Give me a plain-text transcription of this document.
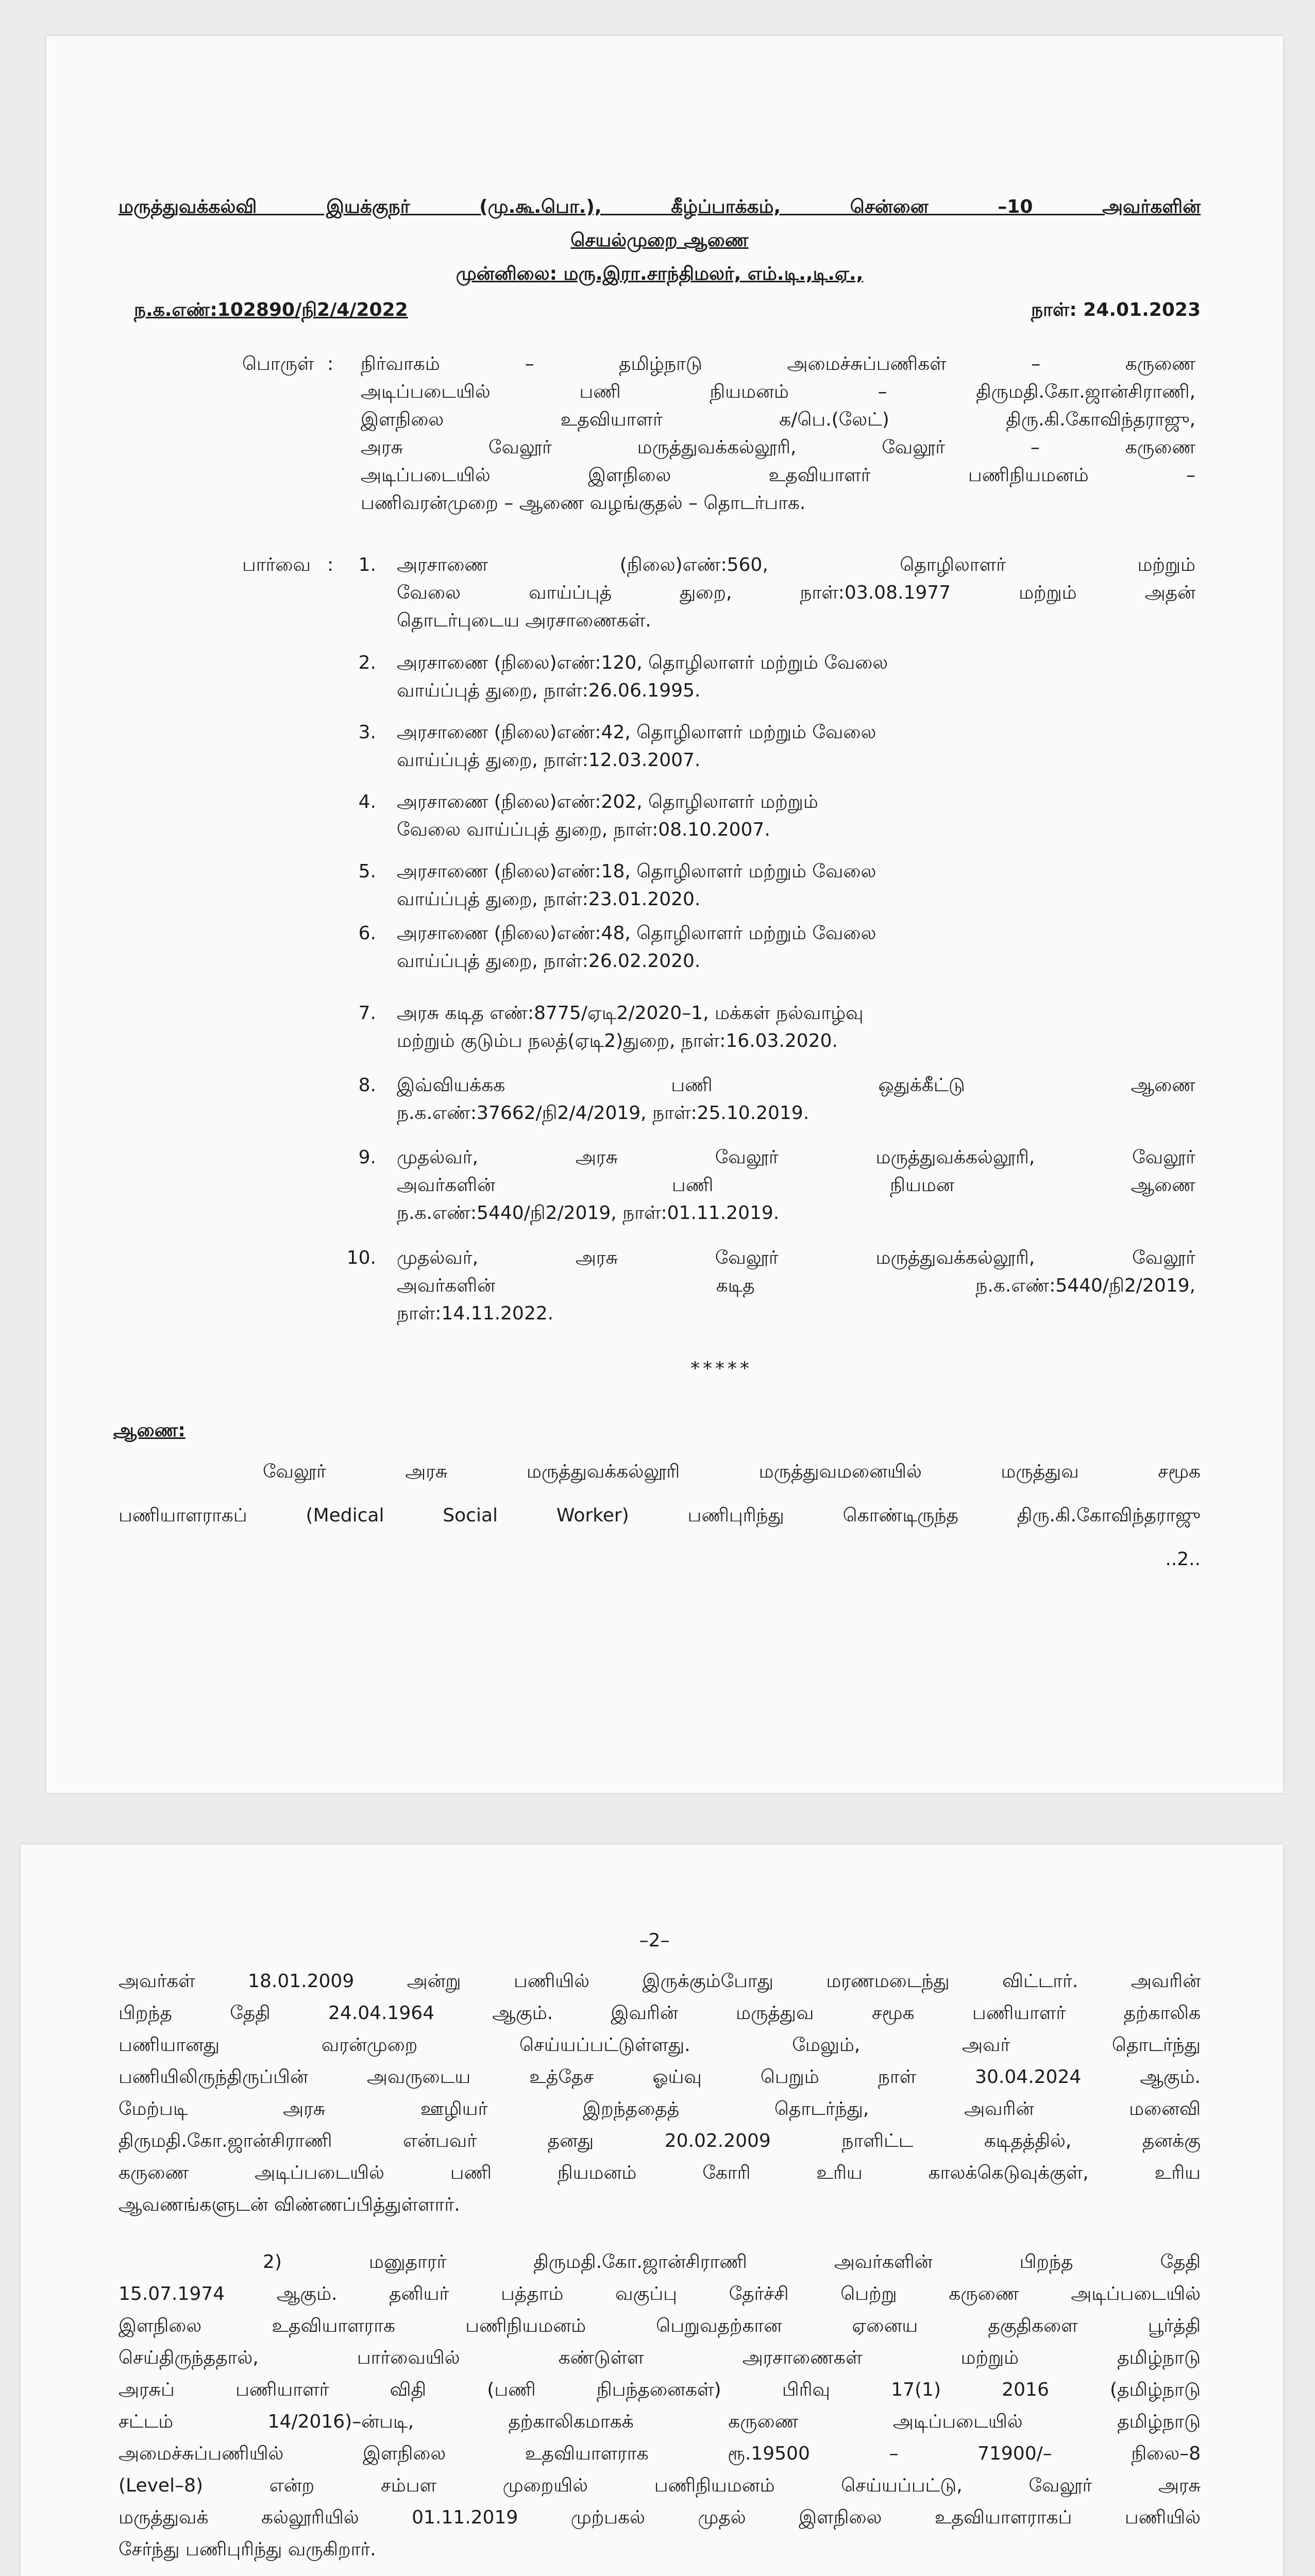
மருத்துவக்கல்வி இயக்குநர் (மு.கூ.பொ.), கீழ்ப்பாக்கம், சென்னை –10 அவர்களின்
செயல்முறை ஆணை
முன்னிலை: மரு.இரா.சாந்திமலர், எம்.டி.,டி.ஏ.,
ந.க.எண்:102890/நி2/4/2022	நாள்: 24.01.2023
பொருள் :	நிர்வாகம் – தமிழ்நாடு அமைச்சுப்பணிகள் – கருணை
அடிப்படையில் பணி நியமனம் – திருமதி.கோ.ஜான்சிராணி,
இளநிலை உதவியாளர் க/பெ.(லேட்) திரு.கி.கோவிந்தராஜு,
அரசு வேலூர் மருத்துவக்கல்லூரி, வேலூர் – கருணை
அடிப்படையில் இளநிலை உதவியாளர் பணிநியமனம் –
பணிவரன்முறை – ஆணை வழங்குதல் – தொடர்பாக.
பார்வை :	1. அரசாணை (நிலை)எண்:560, தொழிலாளர் மற்றும்
வேலை வாய்ப்புத் துறை, நாள்:03.08.1977 மற்றும் அதன்
தொடர்புடைய அரசாணைகள்.
2. அரசாணை (நிலை)எண்:120, தொழிலாளர் மற்றும் வேலை
வாய்ப்புத் துறை, நாள்:26.06.1995.
3. அரசாணை (நிலை)எண்:42, தொழிலாளர் மற்றும் வேலை
வாய்ப்புத் துறை, நாள்:12.03.2007.
4. அரசாணை (நிலை)எண்:202, தொழிலாளர் மற்றும்
வேலை வாய்ப்புத் துறை, நாள்:08.10.2007.
5. அரசாணை (நிலை)எண்:18, தொழிலாளர் மற்றும் வேலை
வாய்ப்புத் துறை, நாள்:23.01.2020.
6. அரசாணை (நிலை)எண்:48, தொழிலாளர் மற்றும் வேலை
வாய்ப்புத் துறை, நாள்:26.02.2020.
7. அரசு கடித எண்:8775/ஏடி2/2020–1, மக்கள் நல்வாழ்வு
மற்றும் குடும்ப நலத்(ஏடி2)துறை, நாள்:16.03.2020.
8. இவ்வியக்கக பணி ஒதுக்கீட்டு ஆணை
ந.க.எண்:37662/நி2/4/2019, நாள்:25.10.2019.
9. முதல்வர், அரசு வேலூர் மருத்துவக்கல்லூரி, வேலூர்
அவர்களின் பணி நியமன ஆணை
ந.க.எண்:5440/நி2/2019, நாள்:01.11.2019.
10. முதல்வர், அரசு வேலூர் மருத்துவக்கல்லூரி, வேலூர்
அவர்களின் கடித ந.க.எண்:5440/நி2/2019,
நாள்:14.11.2022.
*****
ஆணை:
வேலூர் அரசு மருத்துவக்கல்லூரி மருத்துவமனையில் மருத்துவ சமூக
பணியாளராகப் (Medical Social Worker) பணிபுரிந்து கொண்டிருந்த திரு.கி.கோவிந்தராஜு
..2..
–2–
அவர்கள் 18.01.2009 அன்று பணியில் இருக்கும்போது மரணமடைந்து விட்டார். அவரின்
பிறந்த தேதி 24.04.1964 ஆகும். இவரின் மருத்துவ சமூக பணியாளர் தற்காலிக
பணியானது வரன்முறை செய்யப்பட்டுள்ளது. மேலும், அவர் தொடர்ந்து
பணியிலிருந்திருப்பின் அவருடைய உத்தேச ஓய்வு பெறும் நாள் 30.04.2024 ஆகும்.
மேற்படி அரசு ஊழியர் இறந்ததைத் தொடர்ந்து, அவரின் மனைவி
திருமதி.கோ.ஜான்சிராணி என்பவர் தனது 20.02.2009 நாளிட்ட கடிதத்தில், தனக்கு
கருணை அடிப்படையில் பணி நியமனம் கோரி உரிய காலக்கெடுவுக்குள், உரிய
ஆவணங்களுடன் விண்ணப்பித்துள்ளார்.
2) மனுதாரர் திருமதி.கோ.ஜான்சிராணி அவர்களின் பிறந்த தேதி
15.07.1974 ஆகும். தனியர் பத்தாம் வகுப்பு தேர்ச்சி பெற்று கருணை அடிப்படையில்
இளநிலை உதவியாளராக பணிநியமனம் பெறுவதற்கான ஏனைய தகுதிகளை பூர்த்தி
செய்திருந்ததால், பார்வையில் கண்டுள்ள அரசாணைகள் மற்றும் தமிழ்நாடு
அரசுப் பணியாளர் விதி (பணி நிபந்தனைகள்) பிரிவு 17(1) 2016 (தமிழ்நாடு
சட்டம் 14/2016)–ன்படி, தற்காலிகமாகக் கருணை அடிப்படையில் தமிழ்நாடு
அமைச்சுப்பணியில் இளநிலை உதவியாளராக ரூ.19500 – 71900/– நிலை–8
(Level–8) என்ற சம்பள முறையில் பணிநியமனம் செய்யப்பட்டு, வேலூர் அரசு
மருத்துவக் கல்லூரியில் 01.11.2019 முற்பகல் முதல் இளநிலை உதவியாளராகப் பணியில்
சேர்ந்து பணிபுரிந்து வருகிறார்.
